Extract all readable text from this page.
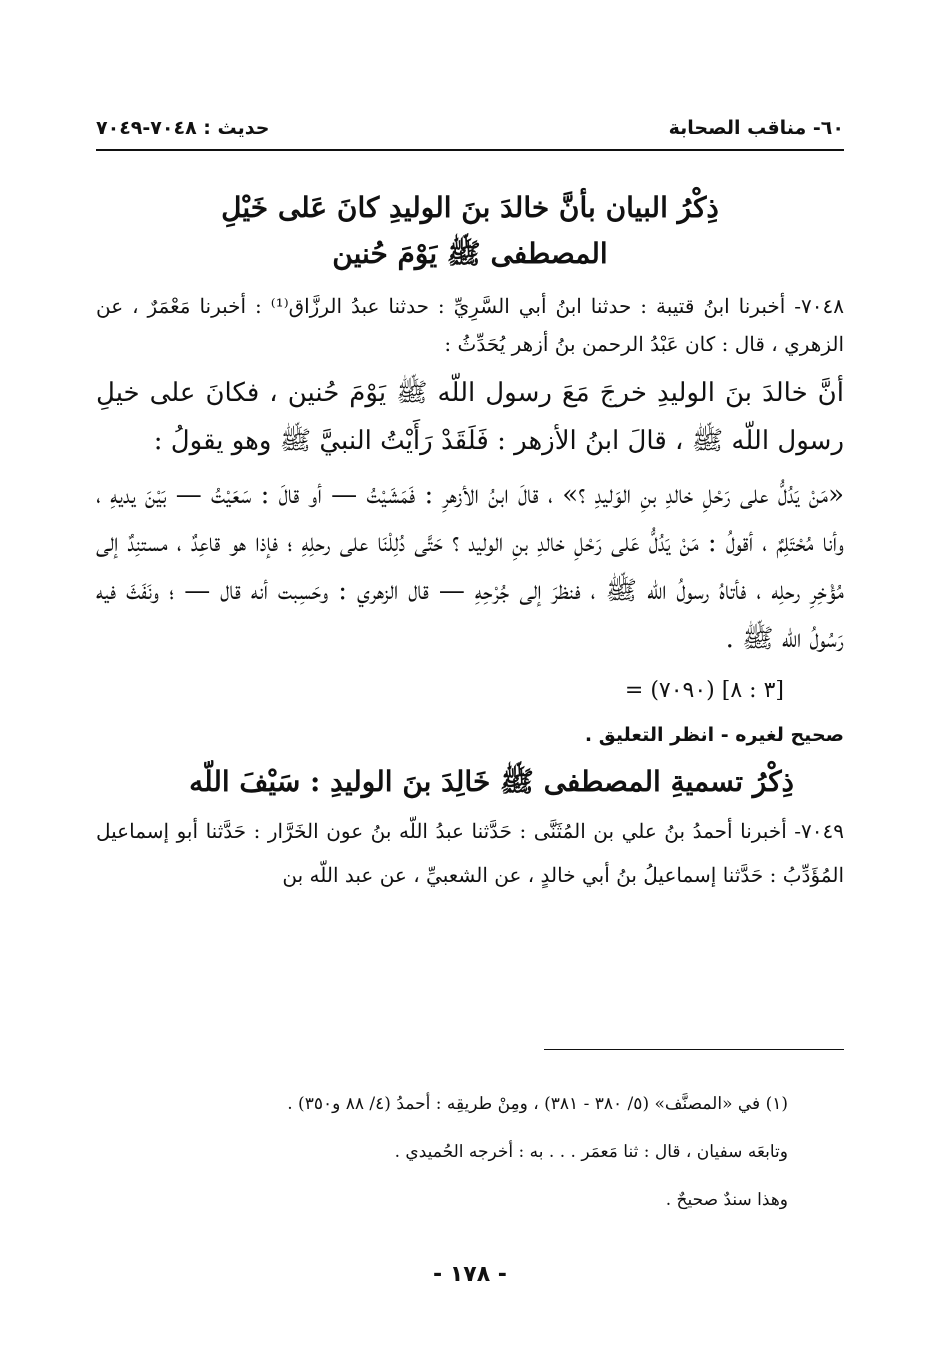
٦٠- مناقب الصحابة
حديث : ٧٠٤٨-٧٠٤٩

ذِكْرُ البيان بأنَّ خالدَ بنَ الوليدِ كانَ عَلى خَيْلِ

المصطفى ﷺ يَوْمَ حُنين

٧٠٤٨- أخبرنا ابنُ قتيبة : حدثنا ابنُ أبي السَّرِيِّ : حدثنا عبدُ الرزَّاق⁽¹⁾ : أخبرنا مَعْمَرٌ ، عن الزهري ، قال : كان عَبْدُ الرحمن بنُ أزهر يُحَدِّثُ :

أنَّ خالدَ بنَ الوليدِ خرجَ مَعَ رسول اللّه ﷺ يَوْمَ حُنين ، فكانَ على خيلِ رسول اللّه ﷺ ، قالَ ابنُ الأزهر : فَلَقَدْ رَأَيْتُ النبيَّ ﷺ وهو يقولُ :

«مَنْ يَدُلُّ على رَحْلِ خالدِ بنِ الوَليدِ ؟» ، قالَ ابنُ الأزهرِ : فَمَشَيْتُ — أو قالَ : سَعَيْتُ — بَيْنَ يديهِ ، وأنا مُحْتَلِمٌ ، أقولُ : مَنْ يَدُلُّ عَلى رَحْلِ خالدِ بنِ الوليد ؟ حَتَّى دُلِلْنَا على رحلِهِ ؛ فإذا هو قاعِدٌ ، مستنِدٌ إلى مُؤْخِرِ رحلِه ، فأتاهُ رسولُ اللّه ﷺ ، فنظرَ إلى جُرْحِهِ — قال الزهري : وحَسِبت أنه قال — ؛ ونَفَثَ فيه رَسُولُ اللّه ﷺ .

= (٧٠٩٠) [٣ : ٨]

صحيح لغيره - انظر التعليق .

ذِكْرُ تسميةِ المصطفى ﷺ خَالِدَ بنَ الوليدِ : سَيْفَ اللّه

٧٠٤٩- أخبرنا أحمدُ بنُ علي بن المُثَنَّى : حَدَّثنا عبدُ اللّه بنُ عون الخَرَّار : حَدَّثنا أبو إسماعيل المُؤَدِّبُ : حَدَّثنا إسماعيلُ بنُ أبي خالدٍ ، عن الشعبيِّ ، عن عبد اللّه بن

(١) في «المصنَّف» (٥/ ٣٨٠ - ٣٨١) ، ومِنْ طريقِه : أحمدُ (٤/ ٨٨ و٣٥٠) .

وتابعَه سفيان ، قال : ثنا مَعمَر . . . به : أخرجه الحُميدي .

وهذا سندٌ صحيحٌ .

- ١٧٨ -
